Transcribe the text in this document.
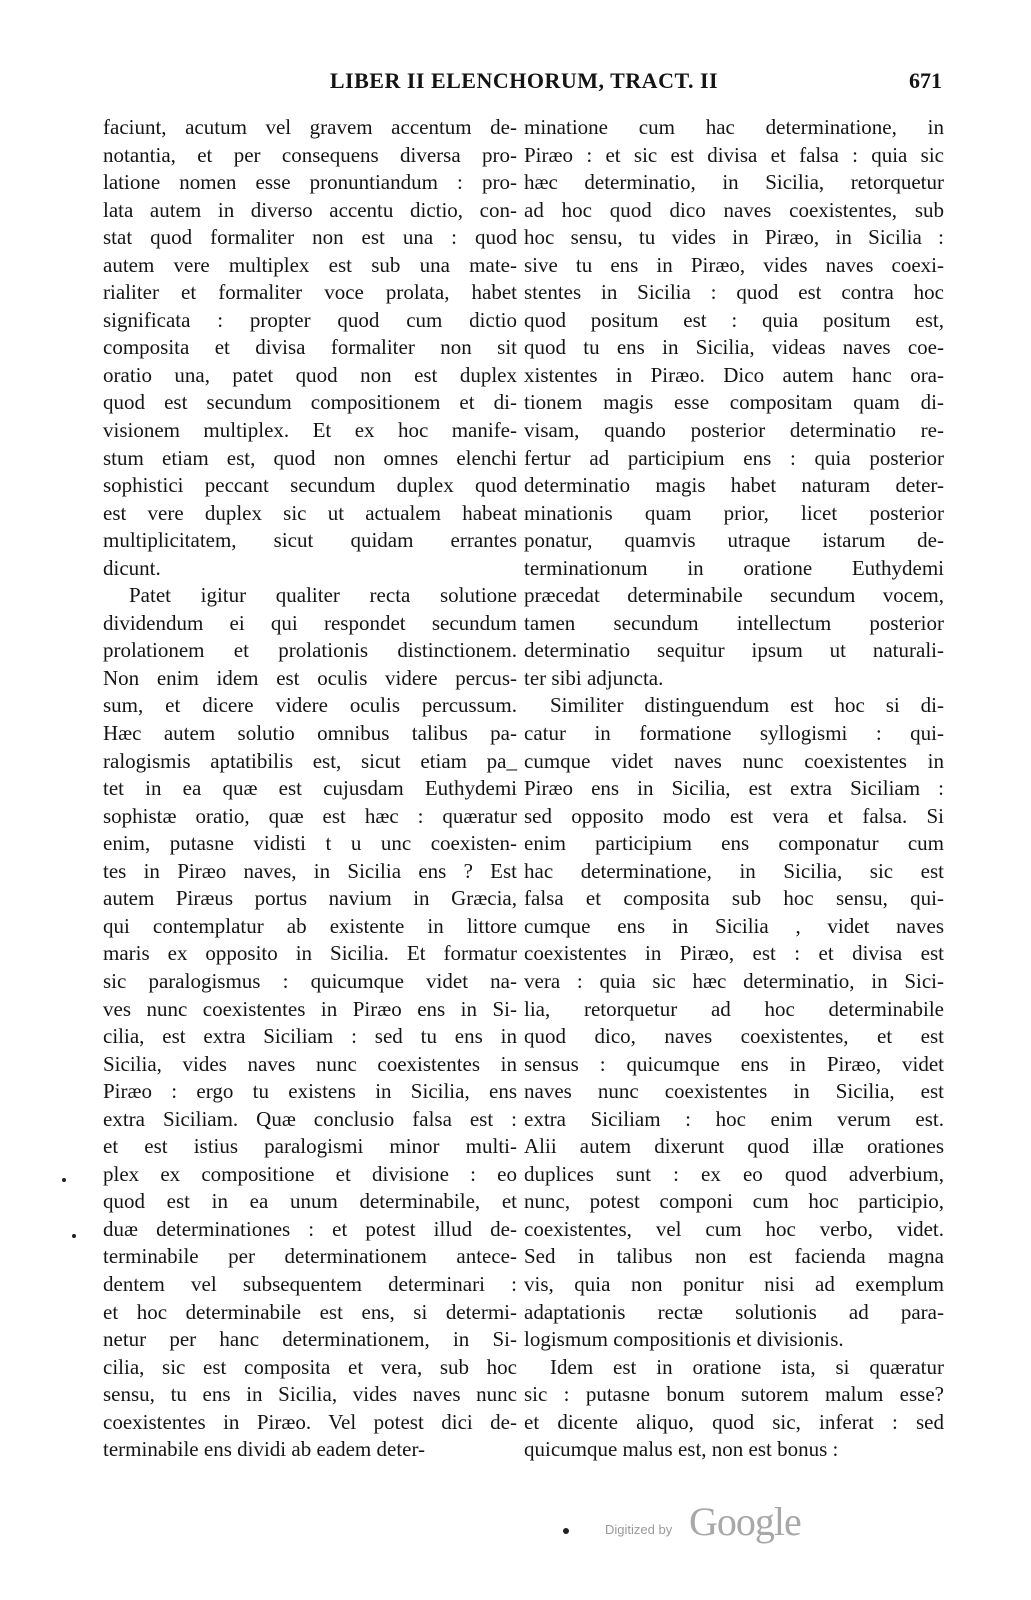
LIBER II ELENCHORUM, TRACT. II	671
faciunt, acutum vel gravem accentum de-
notantia, et per consequens diversa pro-
latione nomen esse pronuntiandum : pro-
lata autem in diverso accentu dictio, con-
stat quod formaliter non est una : quod
autem vere multiplex est sub una mate-
rialiter et formaliter voce prolata, habet
significata : propter quod cum dictio
composita et divisa formaliter non sit
oratio una, patet quod non est duplex
quod est secundum compositionem et di-
visionem multiplex. Et ex hoc manife-
stum etiam est, quod non omnes elenchi
sophistici peccant secundum duplex quod
est vere duplex sic ut actualem habeat
multiplicitatem, sicut quidam errantes
dicunt.
Patet igitur qualiter recta solutione
dividendum ei qui respondet secundum
prolationem et prolationis distinctionem.
Non enim idem est oculis videre percus-
sum, et dicere videre oculis percussum.
Hæc autem solutio omnibus talibus pa-
ralogismis aptatibilis est, sicut etiam pa_
tet in ea quæ est cujusdam Euthydemi
sophistæ oratio, quæ est hæc : quæratur
enim, putasne vidisti t u unc coexisten-
tes in Piræo naves, in Sicilia ens ? Est
autem Piræus portus navium in Græcia,
qui contemplatur ab existente in littore
maris ex opposito in Sicilia. Et formatur
sic paralogismus : quicumque videt na-
ves nunc coexistentes in Piræo ens in Si-
cilia, est extra Siciliam : sed tu ens in
Sicilia, vides naves nunc coexistentes in
Piræo : ergo tu existens in Sicilia, ens
extra Siciliam. Quæ conclusio falsa est :
et est istius paralogismi minor multi-
plex ex compositione et divisione : eo
quod est in ea unum determinabile, et
duæ determinationes : et potest illud de-
terminabile per determinationem antece-
dentem vel subsequentem determinari :
et hoc determinabile est ens, si determi-
netur per hanc determinationem, in Si-
cilia, sic est composita et vera, sub hoc
sensu, tu ens in Sicilia, vides naves nunc
coexistentes in Piræo. Vel potest dici de-
terminabile ens dividi ab eadem deter-
minatione cum hac determinatione, in
Piræo : et sic est divisa et falsa : quia sic
hæc determinatio, in Sicilia, retorquetur
ad hoc quod dico naves coexistentes, sub
hoc sensu, tu vides in Piræo, in Sicilia :
sive tu ens in Piræo, vides naves coexi-
stentes in Sicilia : quod est contra hoc
quod positum est : quia positum est,
quod tu ens in Sicilia, videas naves coe-
xistentes in Piræo. Dico autem hanc ora-
tionem magis esse compositam quam di-
visam, quando posterior determinatio re-
fertur ad participium ens : quia posterior
determinatio magis habet naturam deter-
minationis quam prior, licet posterior
ponatur, quamvis utraque istarum de-
terminationum in oratione Euthydemi
præcedat determinabile secundum vocem,
tamen secundum intellectum posterior
determinatio sequitur ipsum ut naturali-
ter sibi adjuncta.
Similiter distinguendum est hoc si di-
catur in formatione syllogismi : qui-
cumque videt naves nunc coexistentes in
Piræo ens in Sicilia, est extra Siciliam :
sed opposito modo est vera et falsa. Si
enim participium ens componatur cum
hac determinatione, in Sicilia, sic est
falsa et composita sub hoc sensu, qui-
cumque ens in Sicilia , videt naves
coexistentes in Piræo, est : et divisa est
vera : quia sic hæc determinatio, in Sici-
lia, retorquetur ad hoc determinabile
quod dico, naves coexistentes, et est
sensus : quicumque ens in Piræo, videt
naves nunc coexistentes in Sicilia, est
extra Siciliam : hoc enim verum est.
Alii autem dixerunt quod illæ orationes
duplices sunt : ex eo quod adverbium,
nunc, potest componi cum hoc participio,
coexistentes, vel cum hoc verbo, videt.
Sed in talibus non est facienda magna
vis, quia non ponitur nisi ad exemplum
adaptationis rectæ solutionis ad para-
logismum compositionis et divisionis.
Idem est in oratione ista, si quæratur
sic : putasne bonum sutorem malum esse?
et dicente aliquo, quod sic, inferat : sed
quicumque malus est, non est bonus :
Digitized by Google
